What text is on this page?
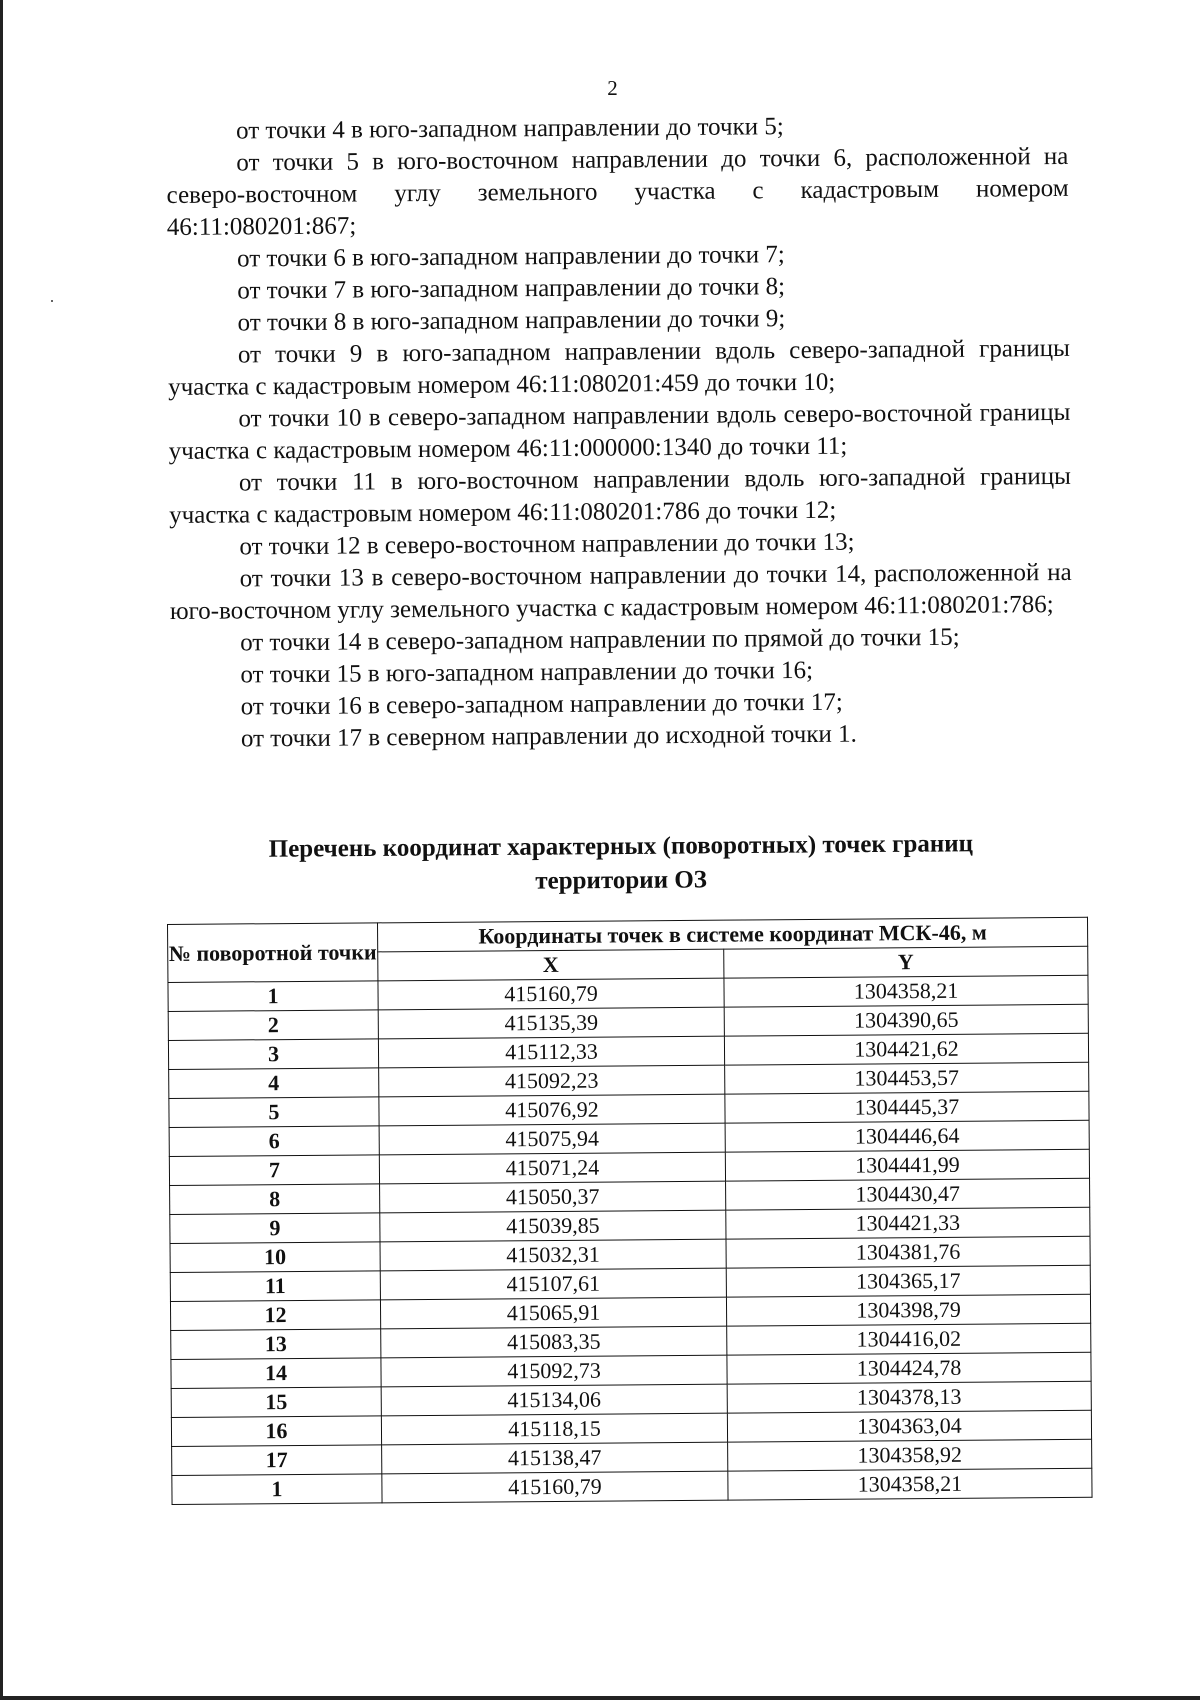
2

от точки 4 в юго-западном направлении до точки 5;

от точки 5 в юго-восточном направлении до точки 6, расположенной на северо-восточном углу земельного участка с кадастровым номером 46:11:080201:867;

от точки 6 в юго-западном направлении до точки 7;

от точки 7 в юго-западном направлении до точки 8;

от точки 8 в юго-западном направлении до точки 9;

от точки 9 в юго-западном направлении вдоль северо-западной границы участка с кадастровым номером 46:11:080201:459 до точки 10;

от точки 10 в северо-западном направлении вдоль северо-восточной границы участка с кадастровым номером 46:11:000000:1340 до точки 11;

от точки 11 в юго-восточном направлении вдоль юго-западной границы участка с кадастровым номером 46:11:080201:786 до точки 12;

от точки 12 в северо-восточном направлении до точки 13;

от точки 13 в северо-восточном направлении до точки 14, расположенной на юго-восточном углу земельного участка с кадастровым номером 46:11:080201:786;

от точки 14 в северо-западном направлении по прямой до точки 15;

от точки 15 в юго-западном направлении до точки 16;

от точки 16 в северо-западном направлении до точки 17;

от точки 17 в северном направлении до исходной точки 1.

Перечень координат характерных (поворотных) точек границ
территории ОЗ
№ поворотной точки	Координаты точек в системе координат МСК-46, м	
	X	Y
1	415160,79	1304358,21
2	415135,39	1304390,65
3	415112,33	1304421,62
4	415092,23	1304453,57
5	415076,92	1304445,37
6	415075,94	1304446,64
7	415071,24	1304441,99
8	415050,37	1304430,47
9	415039,85	1304421,33
10	415032,31	1304381,76
11	415107,61	1304365,17
12	415065,91	1304398,79
13	415083,35	1304416,02
14	415092,73	1304424,78
15	415134,06	1304378,13
16	415118,15	1304363,04
17	415138,47	1304358,92
1	415160,79	1304358,21
